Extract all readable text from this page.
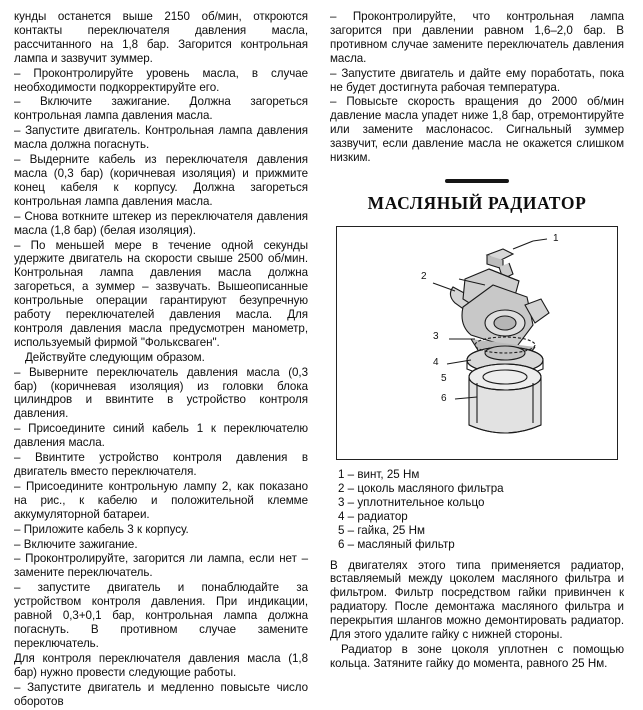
кунды останется выше 2150 об/мин, откроются контакты переключателя давления масла, рассчитанного на 1,8 бар. Загорится контрольная лампа и зазвучит зуммер.

– Проконтролируйте уровень масла, в случае необходимости подкорректируйте его.

– Включите зажигание. Должна загореться контрольная лампа давления масла.

– Запустите двигатель. Контрольная лампа давления масла должна погаснуть.

– Выдерните кабель из переключателя давления масла (0,3 бар) (коричневая изоляция) и прижмите конец кабеля к корпусу. Должна загореться контрольная лампа давления масла.

– Снова воткните штекер из переключателя давления масла (1,8 бар) (белая изоляция).

– По меньшей мере в течение одной секунды удержите двигатель на скорости свыше 2500 об/мин. Контрольная лампа давления масла должна загореться, а зуммер – зазвучать. Вышеописанные контрольные операции гарантируют безупречную работу переключателей давления масла. Для контроля давления масла предусмотрен манометр, используемый фирмой "Фольксваген".

Действуйте следующим образом.

– Выверните переключатель давления масла (0,3 бар) (коричневая изоляция) из головки блока цилиндров и ввинтите в устройство контроля давления.

– Присоедините синий кабель 1 к переключателю давления масла.

– Ввинтите устройство контроля давления в двигатель вместо переключателя.

– Присоедините контрольную лампу 2, как показано на рис., к кабелю и положительной клемме аккумуляторной батареи.

– Приложите кабель 3 к корпусу.

– Включите зажигание.

– Проконтролируйте, загорится ли лампа, если нет – замените переключатель.

– запустите двигатель и понаблюдайте за устройством контроля давления. При индикации, равной 0,3+0,1 бар, контрольная лампа должна погаснуть. В противном случае замените переключатель.

Для контроля переключателя давления масла (1,8 бар) нужно провести следующие работы.

– Запустите двигатель и медленно повысьте число оборотов

– Проконтролируйте, что контрольная лампа загорится при давлении равном 1,6–2,0 бар. В противном случае замените переключатель давления масла.

– Запустите двигатель и дайте ему поработать, пока не будет достигнута рабочая температура.

– Повысьте скорость вращения до 2000 об/мин давление масла упадет ниже 1,8 бар, отремонтируйте или замените маслонасос. Сигнальный зуммер зазвучит, если давление масла не окажется слишком низким.

МАСЛЯНЫЙ РАДИАТОР
1
2
3
4
5
6
1 – винт, 25 Нм
2 – цоколь масляного фильтра
3 – уплотнительное кольцо
4 – радиатор
5 – гайка, 25 Нм
6 – масляный фильтр

В двигателях этого типа применяется радиатор, вставляемый между цоколем масляного фильтра и фильтром. Фильтр посредством гайки привинчен к радиатору. После демонтажа масляного фильтра и перекрытия шлангов можно демонтировать радиатор. Для этого удалите гайку с нижней стороны.

Радиатор в зоне цоколя уплотнен с помощью кольца. Затяните гайку до момента, равного 25 Нм.
